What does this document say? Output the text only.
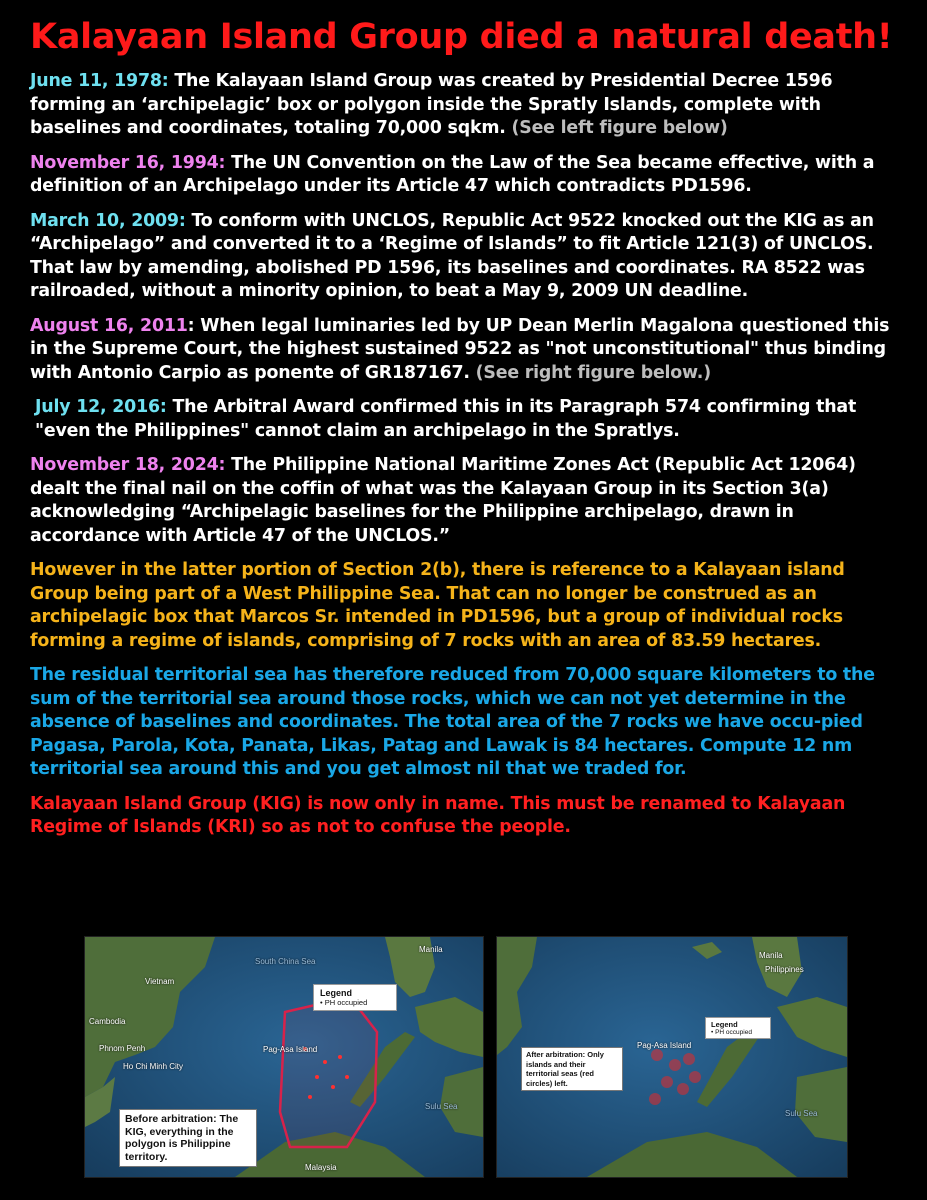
Kalayaan Island Group died a natural death!

June 11, 1978: The Kalayaan Island Group was created by Presidential Decree 1596 forming an ‘archipelagic’ box or polygon inside the Spratly Islands, complete with baselines and coordinates, totaling 70,000 sqkm. (See left figure below)

November 16, 1994: The UN Convention on the Law of the Sea became effective, with a definition of an Archipelago under its Article 47 which contradicts PD1596.

March 10, 2009: To conform with UNCLOS, Republic Act 9522 knocked out the KIG as an “Archipelago” and converted it to a ‘Regime of Islands” to fit Article 121(3) of UNCLOS. That law by amending, abolished PD 1596, its baselines and coordinates. RA 8522 was railroaded, without a minority opinion, to beat a May 9, 2009 UN deadline.

August 16, 2011: When legal luminaries led by UP Dean Merlin Magalona questioned this in the Supreme Court, the highest sustained 9522 as "not unconstitutional" thus binding with Antonio Carpio as ponente of GR187167. (See right figure below.)

July 12, 2016: The Arbitral Award confirmed this in its Paragraph 574 confirming that "even the Philippines" cannot claim an archipelago in the Spratlys.

November 18, 2024: The Philippine National Maritime Zones Act (Republic Act 12064) dealt the final nail on the coffin of what was the Kalayaan Group in its Section 3(a) acknowledging “Archipelagic baselines for the Philippine archipelago, drawn in accordance with Article 47 of the UNCLOS.”

However in the latter portion of Section 2(b), there is reference to a Kalayaan island Group being part of a West Philippine Sea. That can no longer be construed as an archipelagic box that Marcos Sr. intended in PD1596, but a group of individual rocks forming a regime of islands, comprising of 7 rocks with an area of 83.59 hectares.

The residual territorial sea has therefore reduced from 70,000 square kilometers to the sum of the territorial sea around those rocks, which we can not yet determine in the absence of baselines and coordinates. The total area of the 7 rocks we have occu-pied Pagasa, Parola, Kota, Panata, Likas, Patag and Lawak is 84 hectares. Compute 12 nm territorial sea around this and you get almost nil that we traded for.

Kalayaan Island Group (KIG) is now only in name. This must be renamed to Kalayaan Regime of Islands (KRI) so as not to confuse the people.

South China Sea
Vietnam
Cambodia
Phnom Penh
Ho Chi Minh City
Manila
Pag-Asa Island
Sulu Sea
Malaysia
Legend
• PH occupied
Before arbitration: The KIG, everything in the polygon is Philippine territory.
Philippines
Manila
Pag-Asa Island
Sulu Sea
Legend
• PH occupied
After arbitration: Only islands and their territorial seas (red circles) left.
